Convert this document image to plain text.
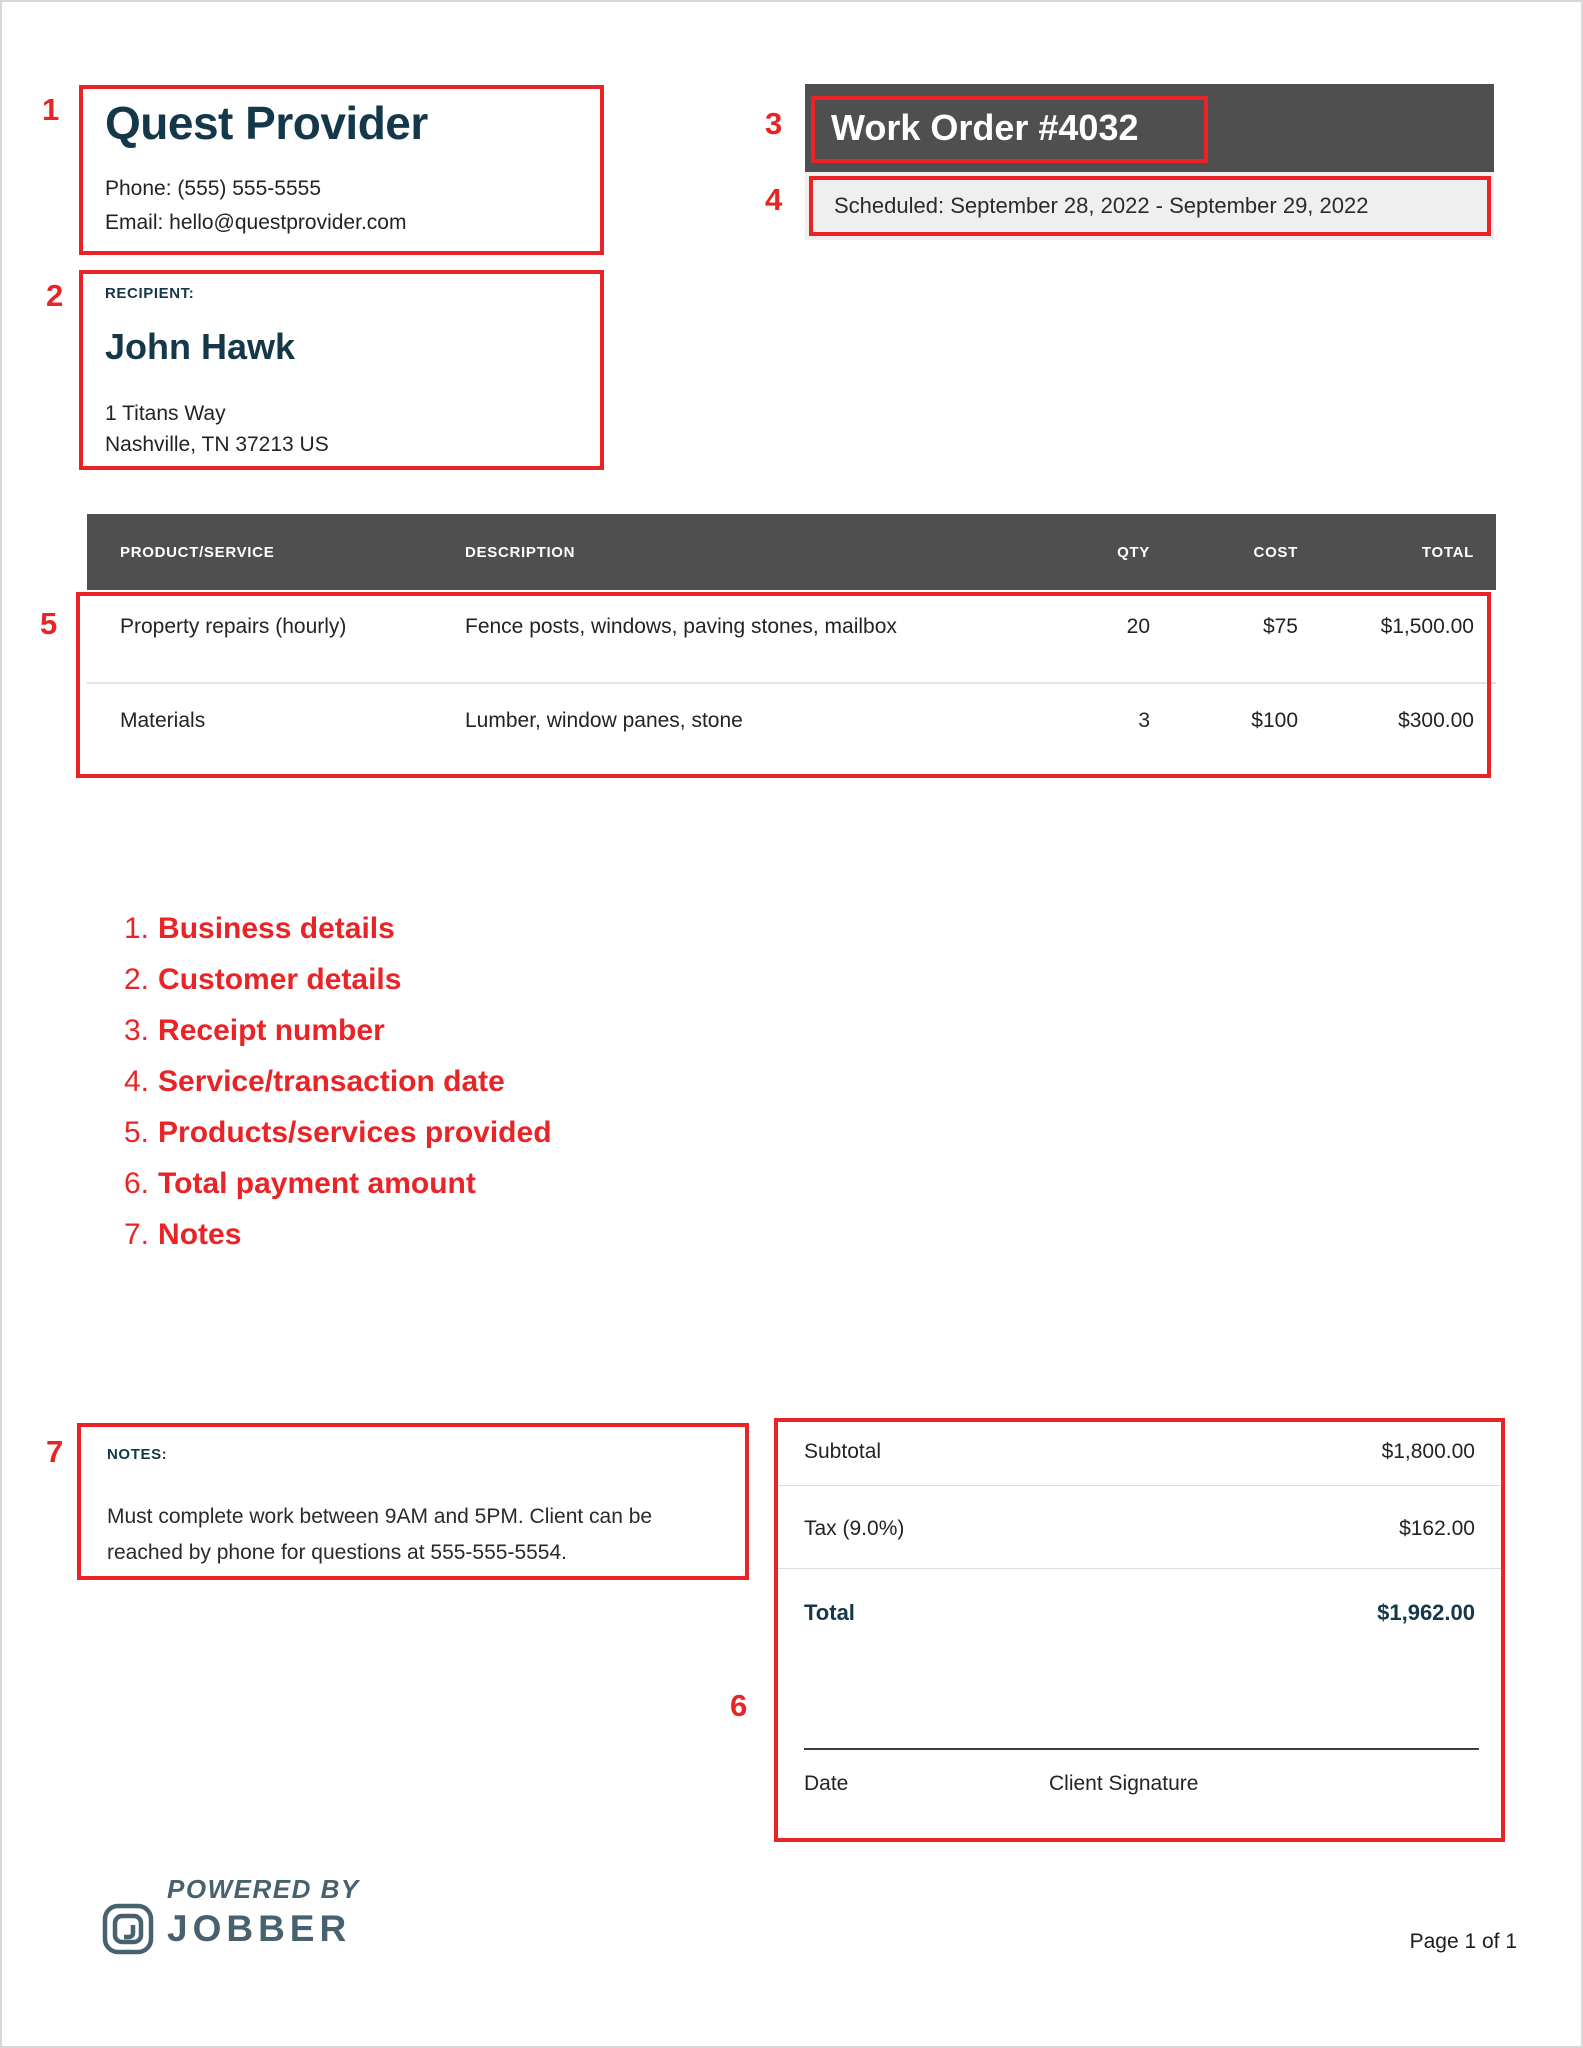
Quest Provider
Phone: (555) 555-5555
Email: hello@questprovider.com
RECIPIENT:
John Hawk
1 Titans Way
Nashville, TN 37213 US
Work Order #4032
Scheduled: September 28, 2022 - September 29, 2022
PRODUCT/SERVICE	DESCRIPTION	QTY	COST	TOTAL
Property repairs (hourly)	Fence posts, windows, paving stones, mailbox	20	$75	$1,500.00
Materials	Lumber, window panes, stone	3	$100	$300.00
1. Business details
2. Customer details
3. Receipt number
4. Service/transaction date
5. Products/services provided
6. Total payment amount
7. Notes
NOTES:
Must complete work between 9AM and 5PM. Client can be reached by phone for questions at 555-555-5554.
Subtotal	$1,800.00
Tax (9.0%)	$162.00
Total	$1,962.00
Date	Client Signature
1
2
3
4
5
6
7
POWERED BY
JOBBER	Page 1 of 1
